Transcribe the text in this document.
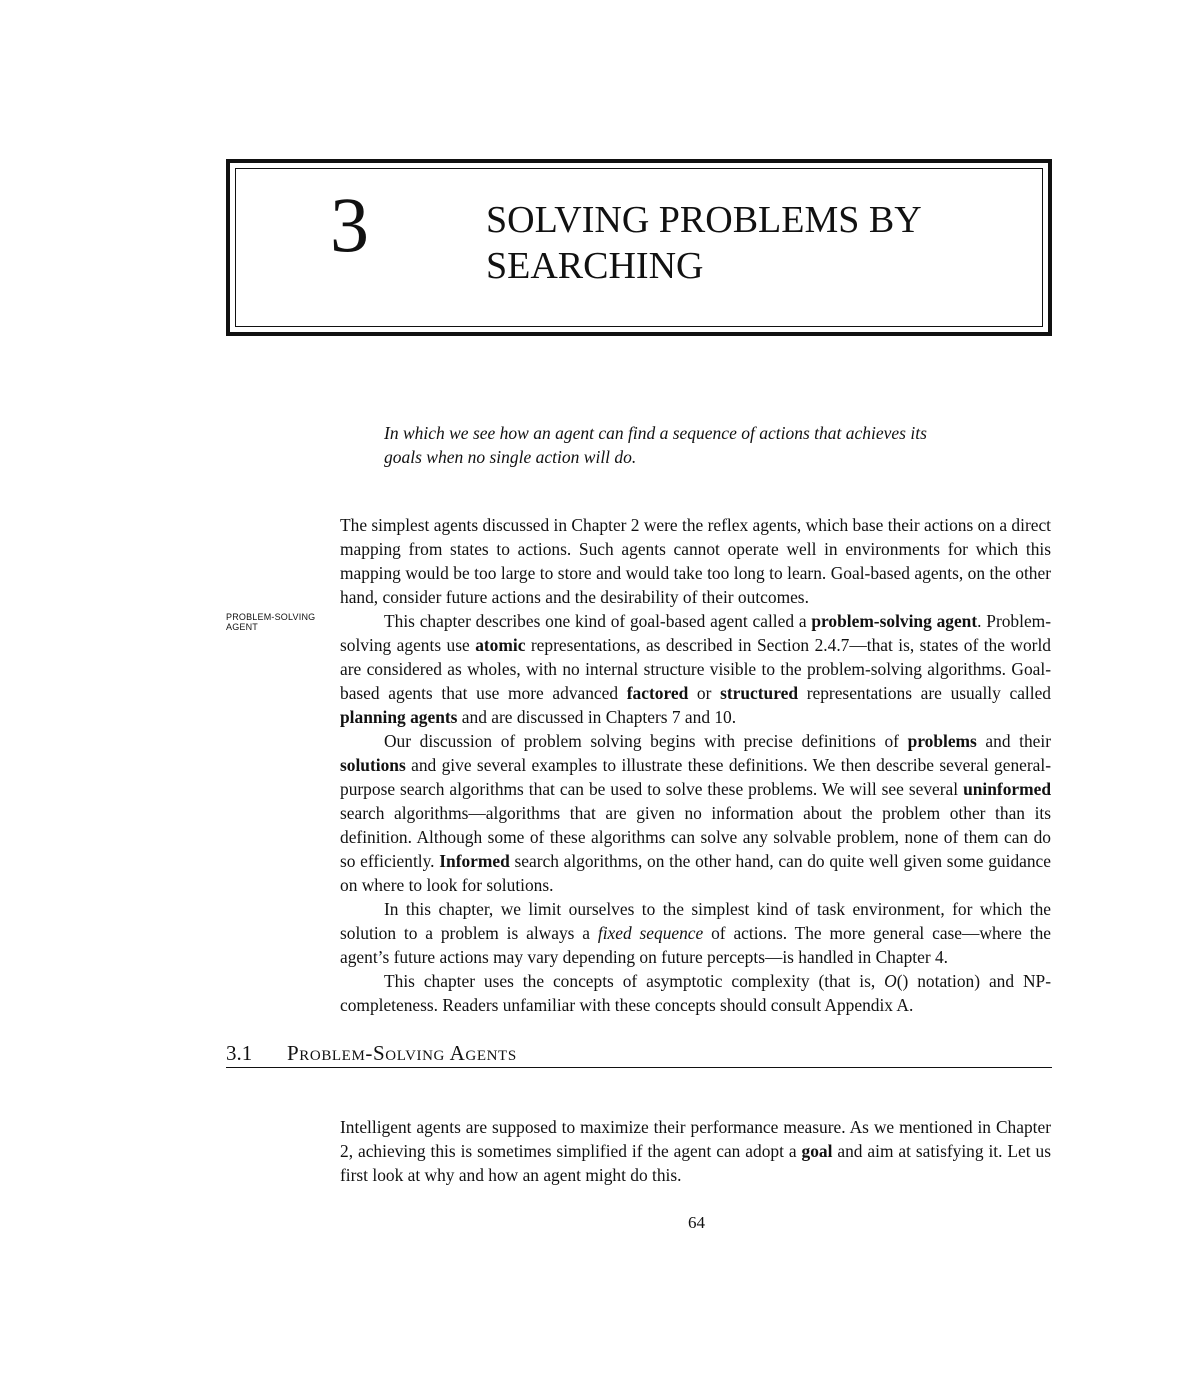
3	SOLVING PROBLEMS BY
SEARCHING

In which we see how an agent can find a sequence of actions that achieves its
goals when no single action will do.

PROBLEM-SOLVING
AGENT

The simplest agents discussed in Chapter 2 were the reflex agents, which base their actions on a direct mapping from states to actions. Such agents cannot operate well in environments for which this mapping would be too large to store and would take too long to learn. Goal-based agents, on the other hand, consider future actions and the desirability of their outcomes.

This chapter describes one kind of goal-based agent called a problem-solving agent. Problem-solving agents use atomic representations, as described in Section 2.4.7—that is, states of the world are considered as wholes, with no internal structure visible to the problem-solving algorithms. Goal-based agents that use more advanced factored or structured representations are usually called planning agents and are discussed in Chapters 7 and 10.

Our discussion of problem solving begins with precise definitions of problems and their solutions and give several examples to illustrate these definitions. We then describe several general-purpose search algorithms that can be used to solve these problems. We will see several uninformed search algorithms—algorithms that are given no information about the problem other than its definition. Although some of these algorithms can solve any solvable problem, none of them can do so efficiently. Informed search algorithms, on the other hand, can do quite well given some guidance on where to look for solutions.

In this chapter, we limit ourselves to the simplest kind of task environment, for which the solution to a problem is always a fixed sequence of actions. The more general case—where the agent’s future actions may vary depending on future percepts—is handled in Chapter 4.

This chapter uses the concepts of asymptotic complexity (that is, O() notation) and NP-completeness. Readers unfamiliar with these concepts should consult Appendix A.

3.1 Problem-Solving Agents

Intelligent agents are supposed to maximize their performance measure. As we mentioned in Chapter 2, achieving this is sometimes simplified if the agent can adopt a goal and aim at satisfying it. Let us first look at why and how an agent might do this.

64
